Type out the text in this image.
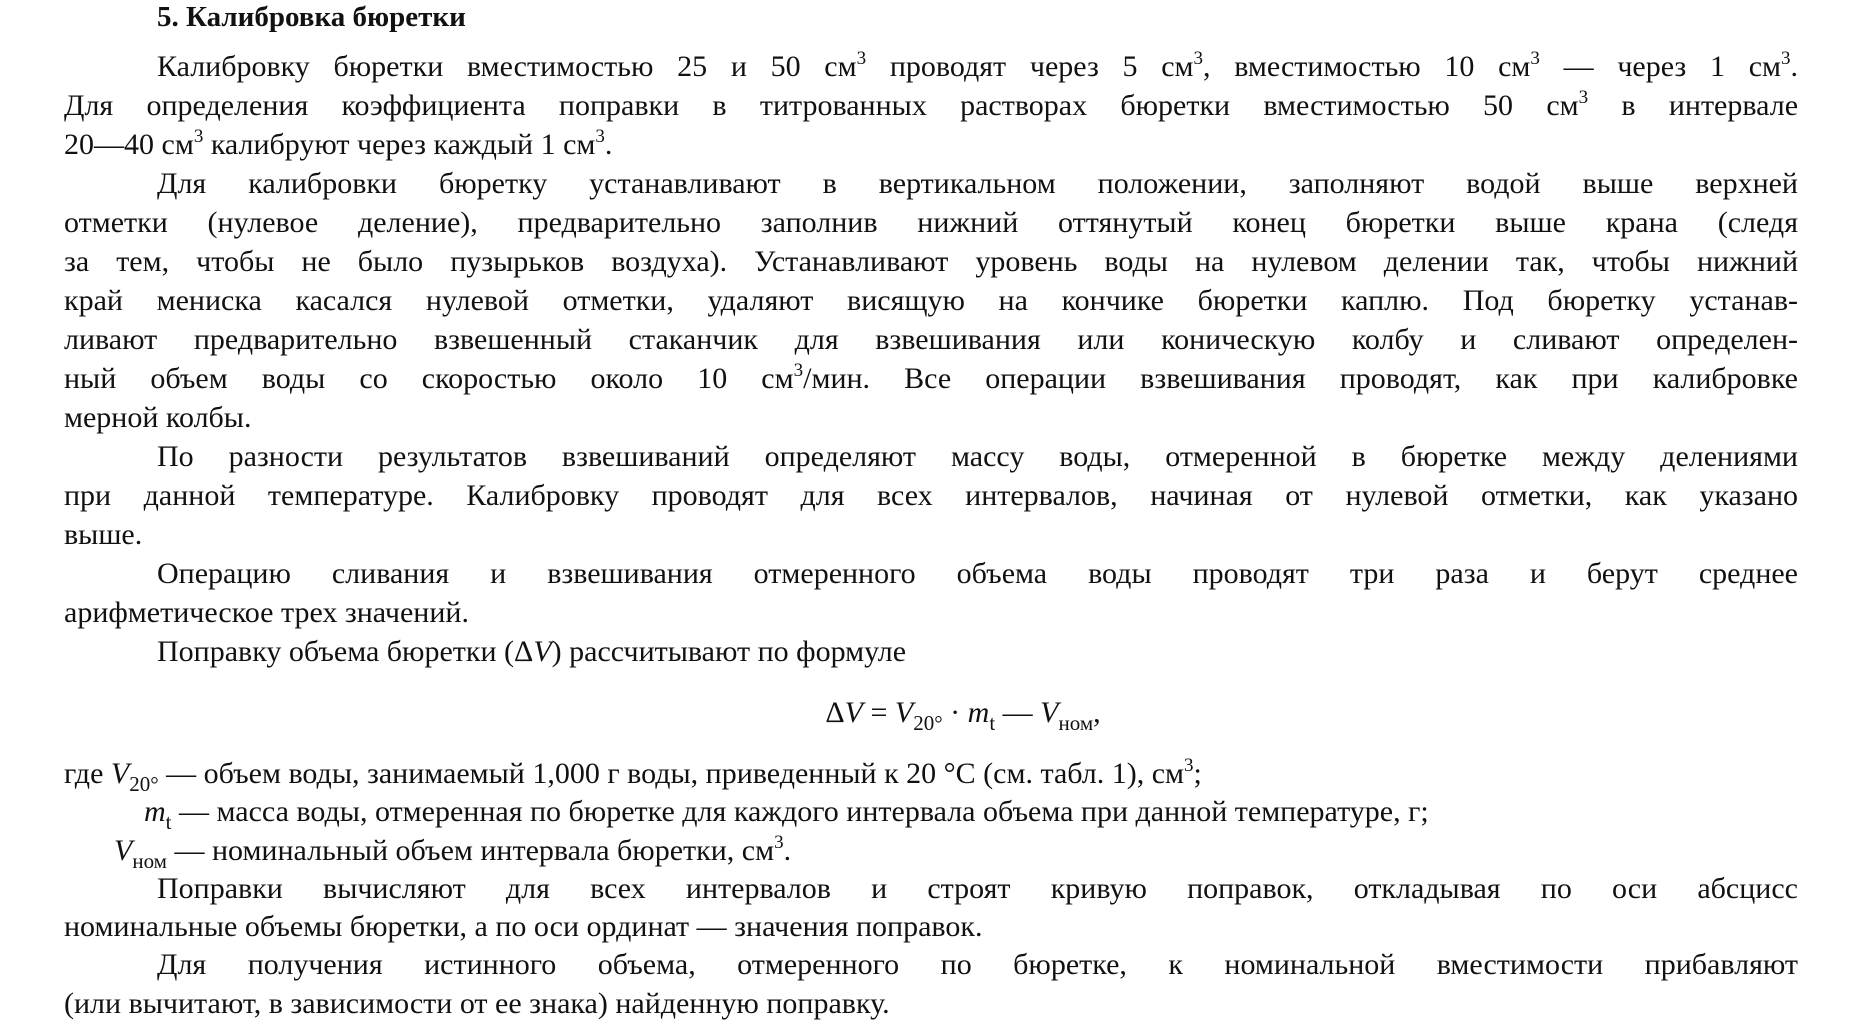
5. Калибровка бюретки
Калибровку бюретки вместимостью 25 и 50 $см^3$ проводят через 5 $см^3$, вместимостью 10 $см^3$ — через 1 $см^3$.
Для определения коэффициента поправки в титрованных растворах бюретки вместимостью 50 $см^3$ в интервале
20—40 $см^3$ калибруют через каждый 1 $см^3$.
Для калибровки бюретку устанавливают в вертикальном положении, заполняют водой выше верхней
отметки (нулевое деление), предварительно заполнив нижний оттянутый конец бюретки выше крана (следя
за тем, чтобы не было пузырьков воздуха). Устанавливают уровень воды на нулевом делении так, чтобы нижний
край мениска касался нулевой отметки, удаляют висящую на кончике бюретки каплю. Под бюретку устанав-
ливают предварительно взвешенный стаканчик для взвешивания или коническую колбу и сливают определен-
ный объем воды со скоростью около 10 $см^3$/мин. Все операции взвешивания проводят, как при калибровке
мерной колбы.
По разности результатов взвешиваний определяют массу воды, отмеренной в бюретке между делениями
при данной температуре. Калибровку проводят для всех интервалов, начиная от нулевой отметки, как указано
выше.
Операцию сливания и взвешивания отмеренного объема воды проводят три раза и берут среднее
арифметическое трех значений.
Поправку объема бюретки (ΔV) рассчитывают по формуле
$\Delta V = V_{20^\circ} \cdot m_t$ — $V_{ном}$,
где $V_{20^\circ}$ — объем воды, занимаемый 1,000 г воды, приведенный к 20 °С (см. табл. 1), $см^3$;
$m_t$ — масса воды, отмеренная по бюретке для каждого интервала объема при данной температуре, г;
$V_{ном}$ — номинальный объем интервала бюретки, $см^3$.
Поправки вычисляют для всех интервалов и строят кривую поправок, откладывая по оси абсцисс
номинальные объемы бюретки, а по оси ординат — значения поправок.
Для получения истинного объема, отмеренного по бюретке, к номинальной вместимости прибавляют
(или вычитают, в зависимости от ее знака) найденную поправку.
